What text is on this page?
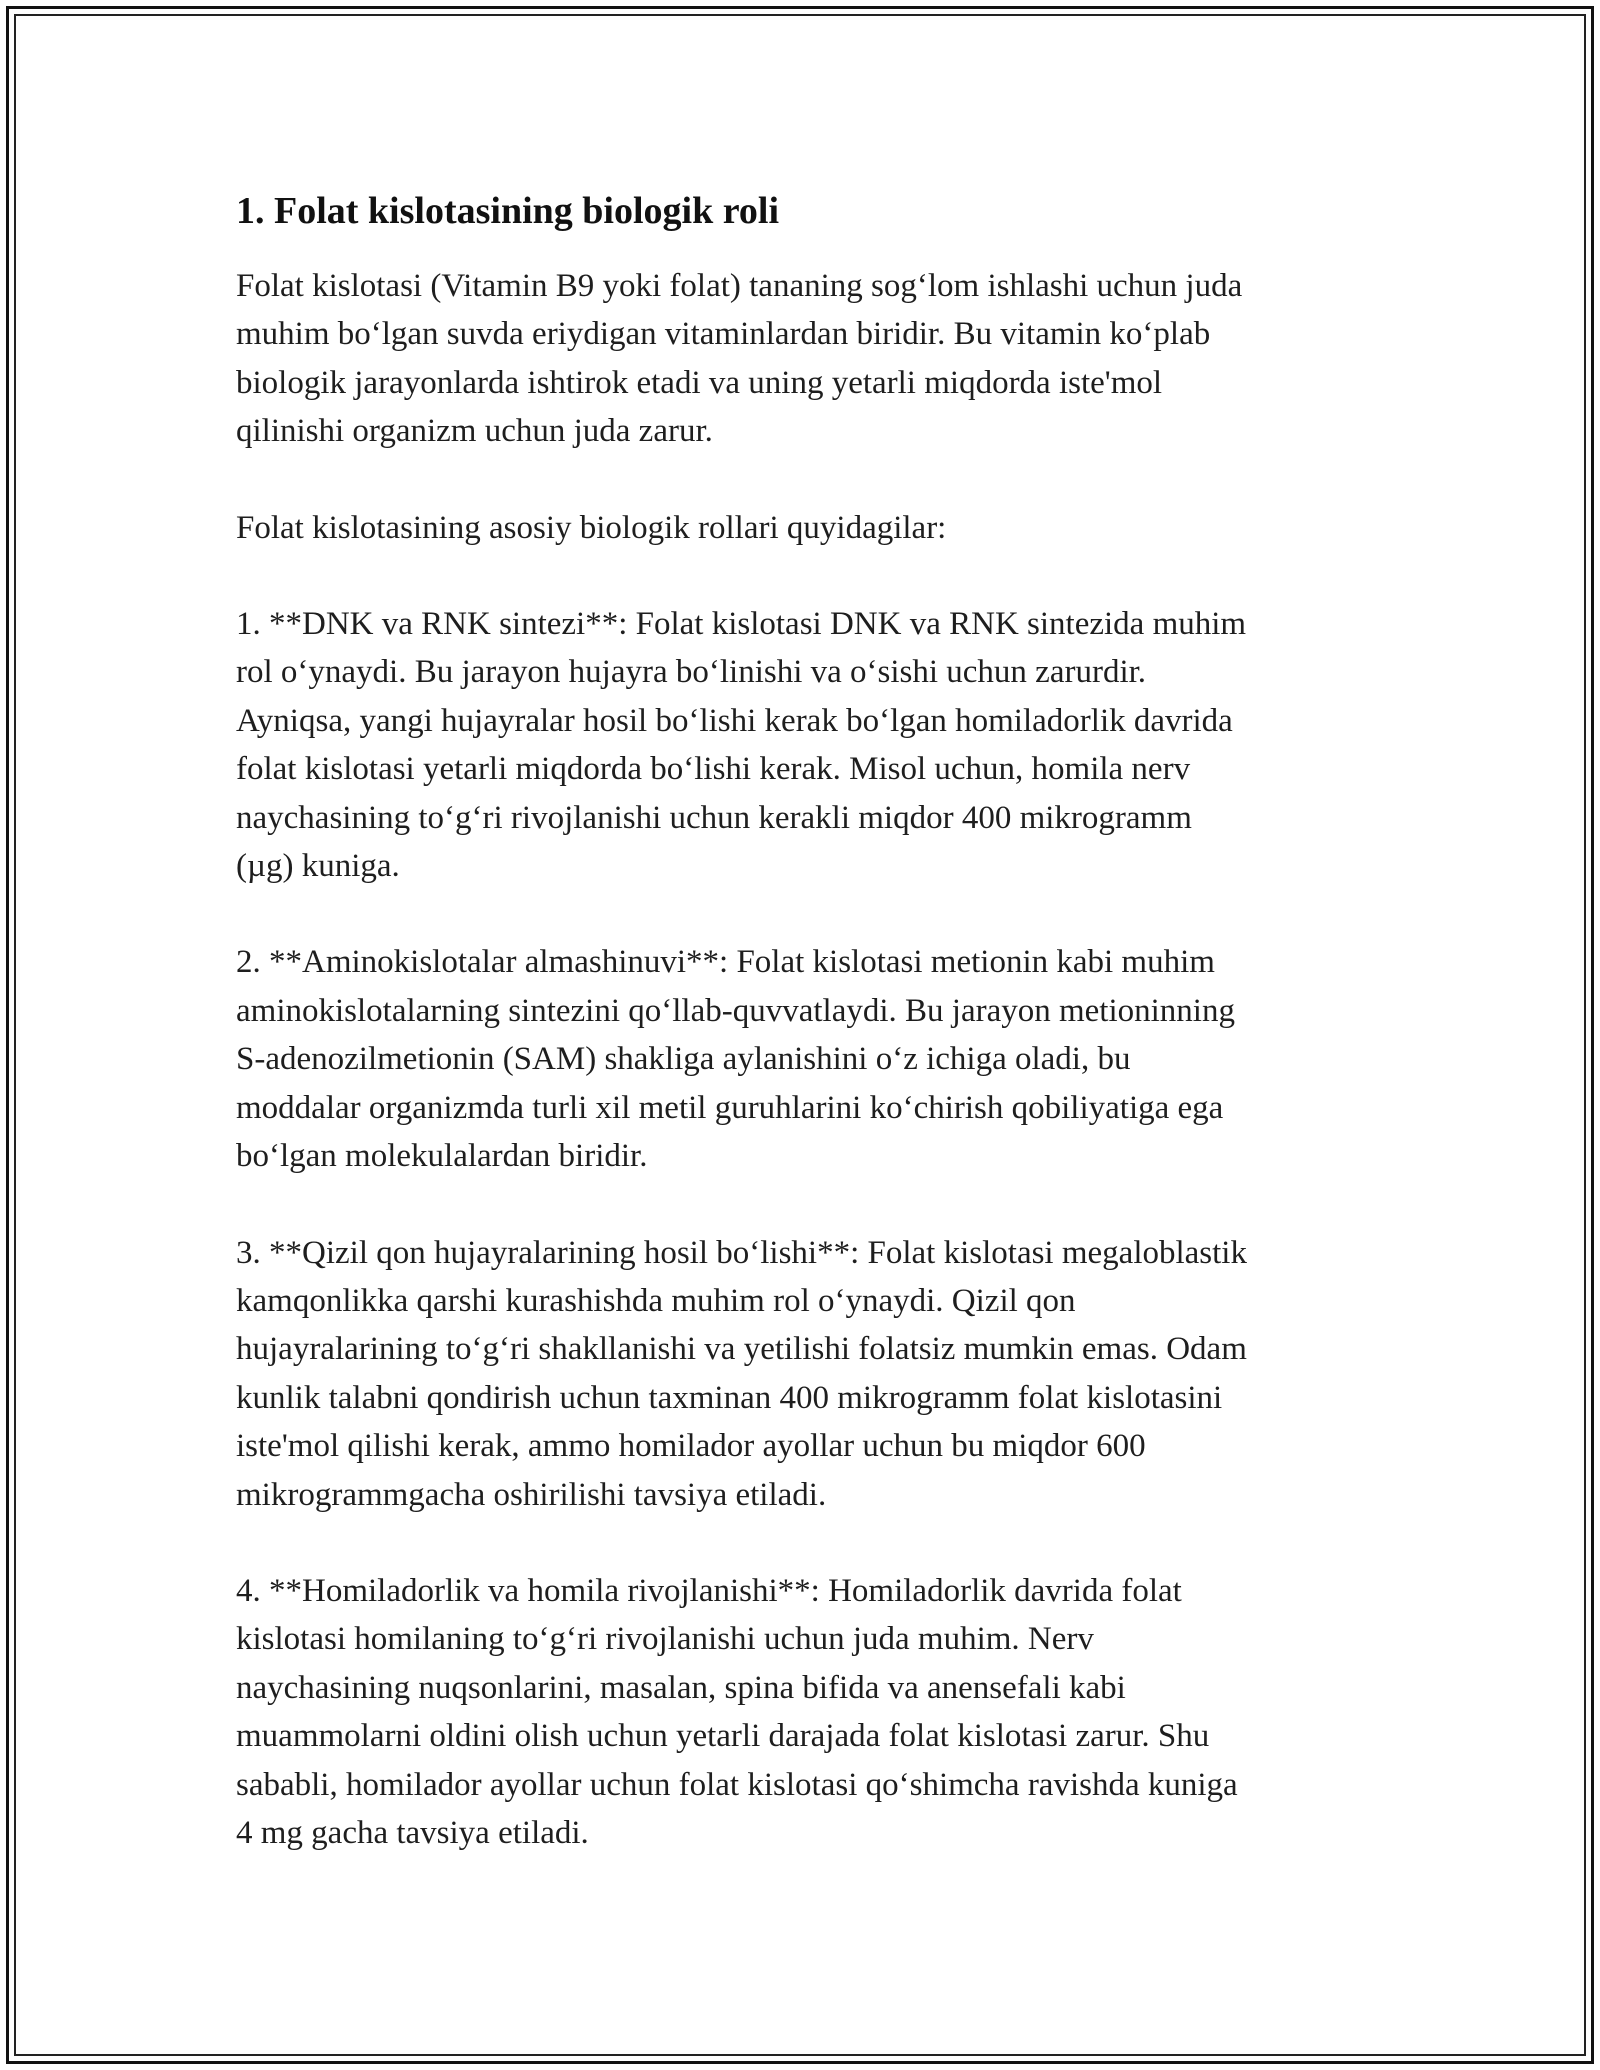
1. Folat kislotasining biologik roli

Folat kislotasi (Vitamin B9 yoki folat) tananing sog‘lom ishlashi uchun juda
muhim bo‘lgan suvda eriydigan vitaminlardan biridir. Bu vitamin ko‘plab
biologik jarayonlarda ishtirok etadi va uning yetarli miqdorda iste'mol
qilinishi organizm uchun juda zarur.

Folat kislotasining asosiy biologik rollari quyidagilar:

1. **DNK va RNK sintezi**: Folat kislotasi DNK va RNK sintezida muhim
rol o‘ynaydi. Bu jarayon hujayra bo‘linishi va o‘sishi uchun zarurdir.
Ayniqsa, yangi hujayralar hosil bo‘lishi kerak bo‘lgan homiladorlik davrida
folat kislotasi yetarli miqdorda bo‘lishi kerak. Misol uchun, homila nerv
naychasining to‘g‘ri rivojlanishi uchun kerakli miqdor 400 mikrogramm
(µg) kuniga.

2. **Aminokislotalar almashinuvi**: Folat kislotasi metionin kabi muhim
aminokislotalarning sintezini qo‘llab-quvvatlaydi. Bu jarayon metioninning
S-adenozilmetionin (SAM) shakliga aylanishini o‘z ichiga oladi, bu
moddalar organizmda turli xil metil guruhlarini ko‘chirish qobiliyatiga ega
bo‘lgan molekulalardan biridir.

3. **Qizil qon hujayralarining hosil bo‘lishi**: Folat kislotasi megaloblastik
kamqonlikka qarshi kurashishda muhim rol o‘ynaydi. Qizil qon
hujayralarining to‘g‘ri shakllanishi va yetilishi folatsiz mumkin emas. Odam
kunlik talabni qondirish uchun taxminan 400 mikrogramm folat kislotasini
iste'mol qilishi kerak, ammo homilador ayollar uchun bu miqdor 600
mikrogrammgacha oshirilishi tavsiya etiladi.

4. **Homiladorlik va homila rivojlanishi**: Homiladorlik davrida folat
kislotasi homilaning to‘g‘ri rivojlanishi uchun juda muhim. Nerv
naychasining nuqsonlarini, masalan, spina bifida va anensefali kabi
muammolarni oldini olish uchun yetarli darajada folat kislotasi zarur. Shu
sababli, homilador ayollar uchun folat kislotasi qo‘shimcha ravishda kuniga
4 mg gacha tavsiya etiladi.
